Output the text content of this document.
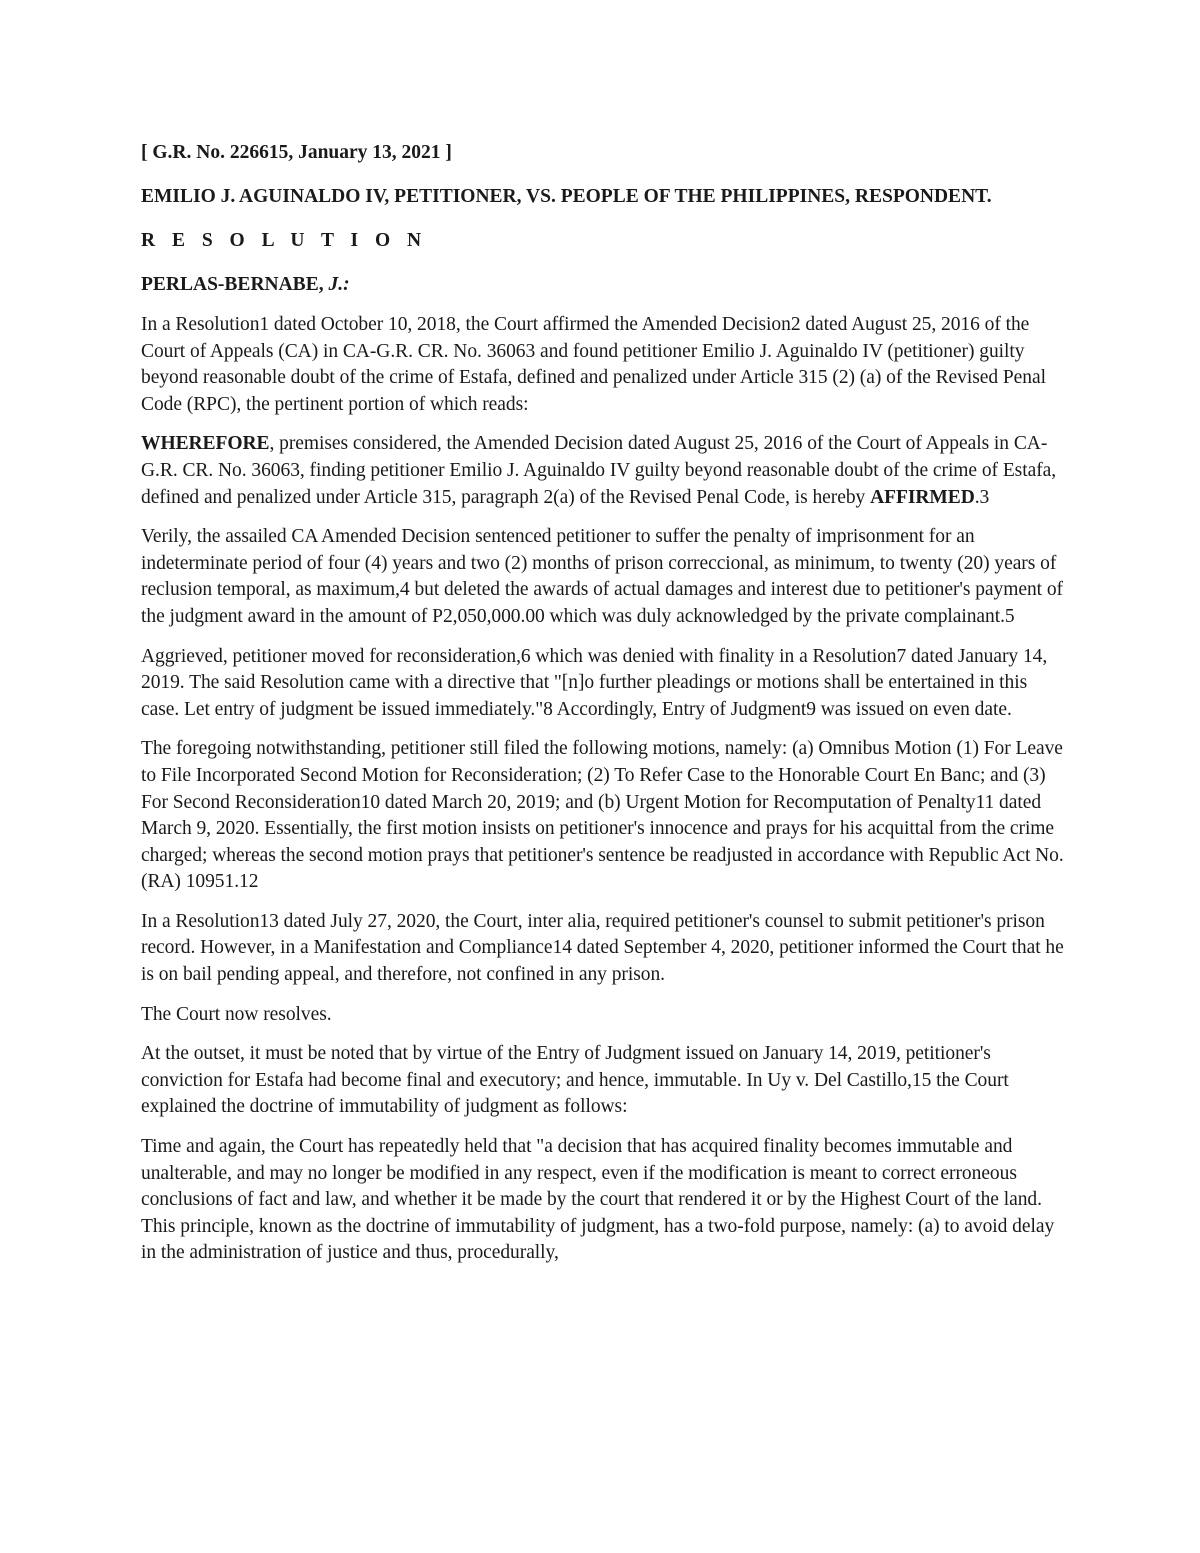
[ G.R. No. 226615, January 13, 2021 ]
EMILIO J. AGUINALDO IV, PETITIONER, VS. PEOPLE OF THE PHILIPPINES, RESPONDENT.
R E S O L U T I O N
PERLAS-BERNABE, J.:

In a Resolution1 dated October 10, 2018, the Court affirmed the Amended Decision2 dated August 25, 2016 of the Court of Appeals (CA) in CA-G.R. CR. No. 36063 and found petitioner Emilio J. Aguinaldo IV (petitioner) guilty beyond reasonable doubt of the crime of Estafa, defined and penalized under Article 315 (2) (a) of the Revised Penal Code (RPC), the pertinent portion of which reads:

WHEREFORE, premises considered, the Amended Decision dated August 25, 2016 of the Court of Appeals in CA-G.R. CR. No. 36063, finding petitioner Emilio J. Aguinaldo IV guilty beyond reasonable doubt of the crime of Estafa, defined and penalized under Article 315, paragraph 2(a) of the Revised Penal Code, is hereby AFFIRMED.3

Verily, the assailed CA Amended Decision sentenced petitioner to suffer the penalty of imprisonment for an indeterminate period of four (4) years and two (2) months of prison correccional, as minimum, to twenty (20) years of reclusion temporal, as maximum,4 but deleted the awards of actual damages and interest due to petitioner's payment of the judgment award in the amount of P2,050,000.00 which was duly acknowledged by the private complainant.5

Aggrieved, petitioner moved for reconsideration,6 which was denied with finality in a Resolution7 dated January 14, 2019. The said Resolution came with a directive that "[n]o further pleadings or motions shall be entertained in this case. Let entry of judgment be issued immediately."8 Accordingly, Entry of Judgment9 was issued on even date.

The foregoing notwithstanding, petitioner still filed the following motions, namely: (a) Omnibus Motion (1) For Leave to File Incorporated Second Motion for Reconsideration; (2) To Refer Case to the Honorable Court En Banc; and (3) For Second Reconsideration10 dated March 20, 2019; and (b) Urgent Motion for Recomputation of Penalty11 dated March 9, 2020. Essentially, the first motion insists on petitioner's innocence and prays for his acquittal from the crime charged; whereas the second motion prays that petitioner's sentence be readjusted in accordance with Republic Act No. (RA) 10951.12

In a Resolution13 dated July 27, 2020, the Court, inter alia, required petitioner's counsel to submit petitioner's prison record. However, in a Manifestation and Compliance14 dated September 4, 2020, petitioner informed the Court that he is on bail pending appeal, and therefore, not confined in any prison.

The Court now resolves.

At the outset, it must be noted that by virtue of the Entry of Judgment issued on January 14, 2019, petitioner's conviction for Estafa had become final and executory; and hence, immutable. In Uy v. Del Castillo,15 the Court explained the doctrine of immutability of judgment as follows:

Time and again, the Court has repeatedly held that "a decision that has acquired finality becomes immutable and unalterable, and may no longer be modified in any respect, even if the modification is meant to correct erroneous conclusions of fact and law, and whether it be made by the court that rendered it or by the Highest Court of the land. This principle, known as the doctrine of immutability of judgment, has a two-fold purpose, namely: (a) to avoid delay in the administration of justice and thus, procedurally,
